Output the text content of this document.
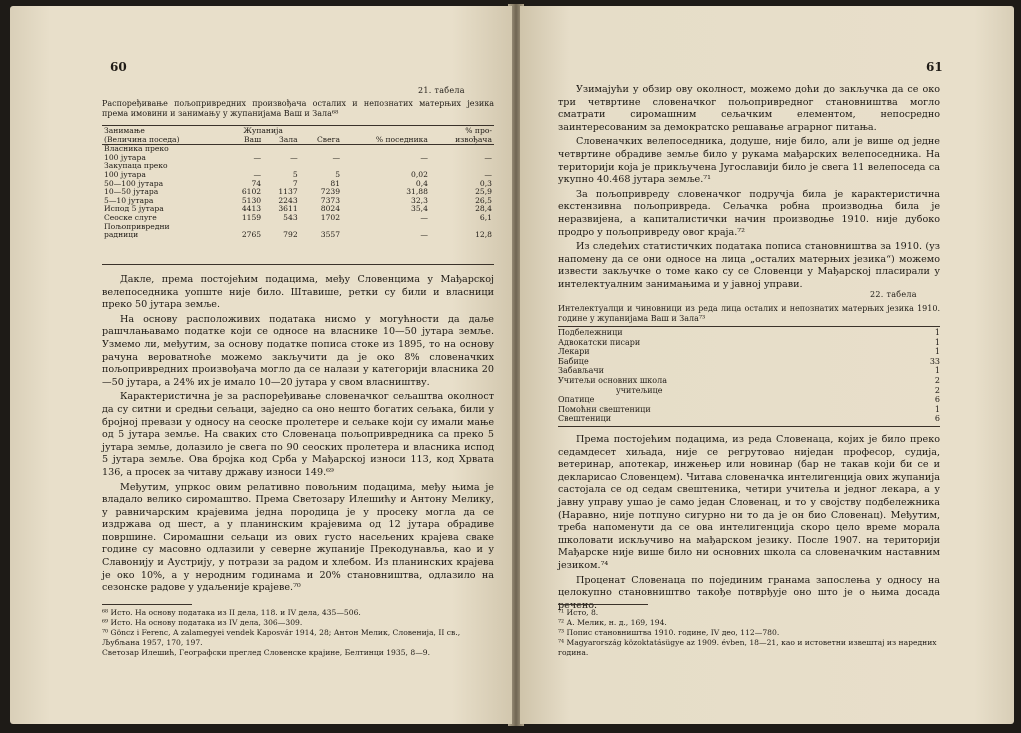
60
21. табела
Распоређивање пољопривредних произвођача осталих и непознатих матерњих језика према имовини и занимању у жупанијама Ваш и Зала⁶⁸
Занимање	Жупанија				% про-
(Величина поседа)	Ваш	Зала	Свега	% поседника	извођача
Власника преко					
100 јутара	—	—	—	—	—
Закупаца преко					
100 јутара	—	5	5	0,02	—
50—100 јутара	74	7	81	0,4	0,3
10—50 јутара	6102	1137	7239	31,88	25,9
5—10 јутара	5130	2243	7373	32,3	26,5
Испод 5 јутара	4413	3611	8024	35,4	28,4
Сеоске слуге	1159	543	1702	—	6,1
Пољопривредни					
радници	2765	792	3557	—	12,8

Дакле, према постојећим подацима, међу Словенцима у Мађарској велепоседника уопште није било. Штавише, ретки су били и власници преко 50 јутара земље.

На основу расположивих података нисмо у могућности да даље рашчлањавамо податке који се односе на власнике 10—50 јутара земље. Узмемо ли, међутим, за основу податке пописа стоке из 1895, то на основу рачуна вероватноће можемо закључити да је око 8% словеначких пољопривредних произвођача могло да се налази у категорији власника 20—50 јутара, а 24% их је имало 10—20 јутара у свом власништву.

Карактеристична је за распоређивање словеначког сељаштва околност да су ситни и средњи сељаци, заједно са оно нешто богатих сељака, били у бројној превази у односу на сеоске пролетере и сељаке који су имали мање од 5 јутара земље. На сваких сто Словенаца пољопривредника са преко 5 јутара земље, долазило је свега по 90 сеоских пролетера и власника испод 5 јутара земље. Ова бројка код Срба у Мађарској износи 113, код Хрвата 136, а просек за читаву државу износи 149.⁶⁹

Међутим, упркос овим релативно повољним подацима, међу њима је владало велико сиромаштво. Према Светозару Илешићу и Антону Мелику, у равничарским крајевима једна породица је у просеку могла да се издржава од шест, а у планинским крајевима од 12 јутара обрадиве површине. Сиромашни сељаци из ових густо насељених крајева сваке године су масовно одлазили у северне жупаније Прекодунавља, као и у Славонију и Аустрију, у потрази за радом и хлебом. Из планинских крајева је око 10%, а у неродним годинама и 20% становништва, одлазило на сезонске радове у удаљеније крајеве.⁷⁰

⁶⁸ Исто. На основу података из II дела, 118. и IV дела, 435—506.
⁶⁹ Исто. На основу података из IV дела, 306—309.
⁷⁰ Göncz i Ferenc, A zalamegyei vendek Kaposvár 1914, 28; Антон Мелик, Словенија, II св., Љубљана 1957, 170, 197.
Светозар Илешић, Географски преглед Словенске крајине, Белтинци 1935, 8—9.
61

Узимајући у обзир ову околност, можемо доћи до закључка да се око три четвртине словеначког пољопривредног становништва могло сматрати сиромашним сељачким елементом, непосредно заинтересованим за демократско решавање аграрног питања.

Словеначких велепоседника, додуше, није било, али је више од једне четвртине обрадиве земље било у рукама мађарских велепоседника. На територији која је прикључена Југославији било је свега 11 велепоседа са укупно 40.468 јутара земље.⁷¹

За пољопривреду словеначког подручја била је карактеристична екстензивна пољопривреда. Сељачка робна производња била је неразвијена, а капиталистички начин производње 1910. није дубоко продро у пољопривреду овог краја.⁷²

Из следећих статистичких података пописа становништва за 1910. (уз напомену да се они односе на лица „осталих матерњих језика“) можемо извести закључке о томе како су се Словенци у Мађарској пласирали у интелектуалним занимањима и у јавној управи.

22. табела
Интелектуалци и чиновници из реда лица осталих и непознатих матерњих језика 1910. године у жупанијама Ваш и Зала⁷³
Подбележници	1
Адвокатски писари	1
Лекари	1
Бабице	33
Забављачи	1
Учитељи основних школа	2
учитељице	2
Опатице	6
Помоћни свештеници	1
Свештеници	6

Према постојећим подацима, из реда Словенаца, којих је било преко седамдесет хиљада, није се регрутовао ниједан професор, судија, ветеринар, апотекар, инжењер или новинар (бар не такав који би се и декларисао Словенцем). Читава словеначка интелигенција ових жупанија састојала се од седам свештеника, четири учитеља и једног лекара, а у јавну управу ушао је само један Словенац, и то у својству подбележника (Наравно, није потпуно сигурно ни то да је он био Словенац). Међутим, треба напоменути да се ова интелигенција скоро цело време морала школовати искључиво на мађарском језику. После 1907. на територији Мађарске није више било ни основних школа са словеначким наставним језиком.⁷⁴

Проценат Словенаца по појединим гранама запослења у односу на целокупно становништво такође потврђује оно што је о њима досада речено.

⁷¹ Исто, 8.
⁷² А. Мелик, н. д., 169, 194.
⁷³ Попис становништва 1910. године, IV део, 112—780.
⁷⁴ Magyarország közoktatásügye az 1909. évben, 18—21, као и истоветни извештај из наредних година.
